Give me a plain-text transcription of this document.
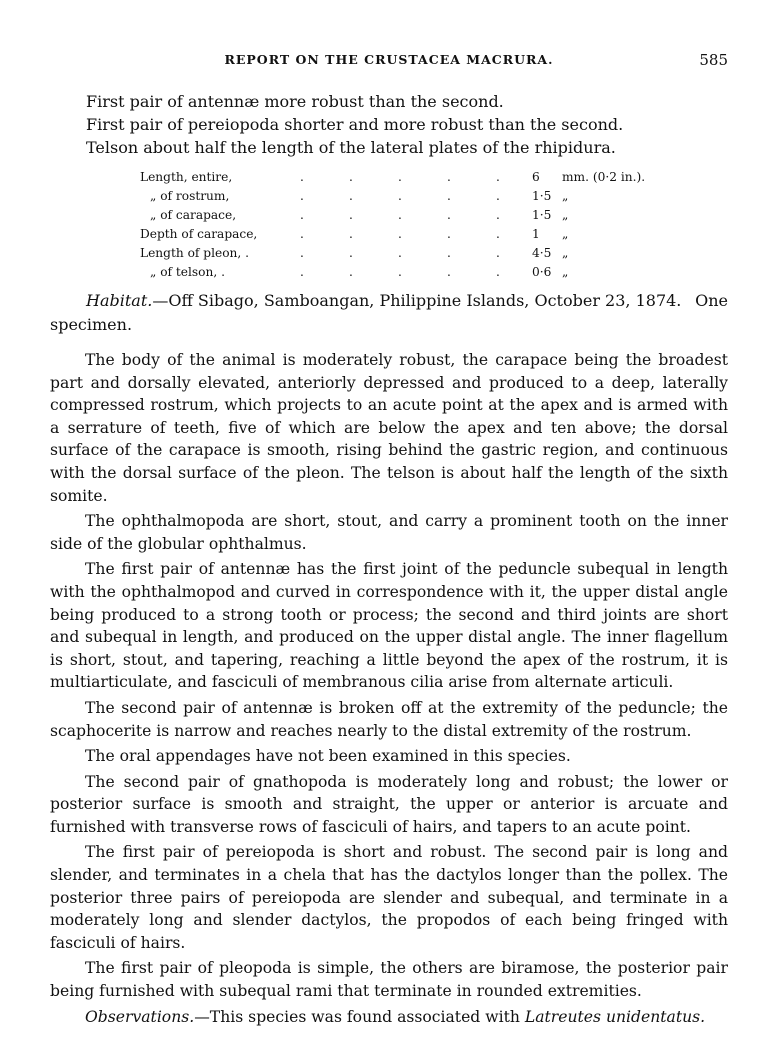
REPORT ON THE CRUSTACEA MACRURA.	585
First pair of antennæ more robust than the second.
First pair of pereiopoda shorter and more robust than the second.
Telson about half the length of the lateral plates of the rhipidura.
Length, entire,	.	.	.	.	.	6 mm. (0·2 in.).
„ of rostrum,	.	.	.	.	.	1·5 „
„ of carapace,	.	.	.	.	.	1·5 „
Depth of carapace,	.	.	.	.	.	1 „
Length of pleon, .	.	.	.	.	.	4·5 „
„ of telson, .	.	.	.	.	.	0·6 „
Habitat.—Off Sibago, Samboangan, Philippine Islands, October 23, 1874. One
specimen.

The body of the animal is moderately robust, the carapace being the broadest part and dorsally elevated, anteriorly depressed and produced to a deep, laterally compressed rostrum, which projects to an acute point at the apex and is armed with a serrature of teeth, five of which are below the apex and ten above; the dorsal surface of the carapace is smooth, rising behind the gastric region, and continuous with the dorsal surface of the pleon. The telson is about half the length of the sixth somite.

The ophthalmopoda are short, stout, and carry a prominent tooth on the inner side of the globular ophthalmus.

The first pair of antennæ has the first joint of the peduncle subequal in length with the ophthalmopod and curved in correspondence with it, the upper distal angle being produced to a strong tooth or process; the second and third joints are short and subequal in length, and produced on the upper distal angle. The inner flagellum is short, stout, and tapering, reaching a little beyond the apex of the rostrum, it is multiarticulate, and fasciculi of membranous cilia arise from alternate articuli.

The second pair of antennæ is broken off at the extremity of the peduncle; the scaphocerite is narrow and reaches nearly to the distal extremity of the rostrum.

The oral appendages have not been examined in this species.

The second pair of gnathopoda is moderately long and robust; the lower or posterior surface is smooth and straight, the upper or anterior is arcuate and furnished with transverse rows of fasciculi of hairs, and tapers to an acute point.

The first pair of pereiopoda is short and robust. The second pair is long and slender, and terminates in a chela that has the dactylos longer than the pollex. The posterior three pairs of pereiopoda are slender and subequal, and terminate in a moderately long and slender dactylos, the propodos of each being fringed with fasciculi of hairs.

The first pair of pleopoda is simple, the others are biramose, the posterior pair being furnished with subequal rami that terminate in rounded extremities.

Observations.—This species was found associated with Latreutes unidentatus.
